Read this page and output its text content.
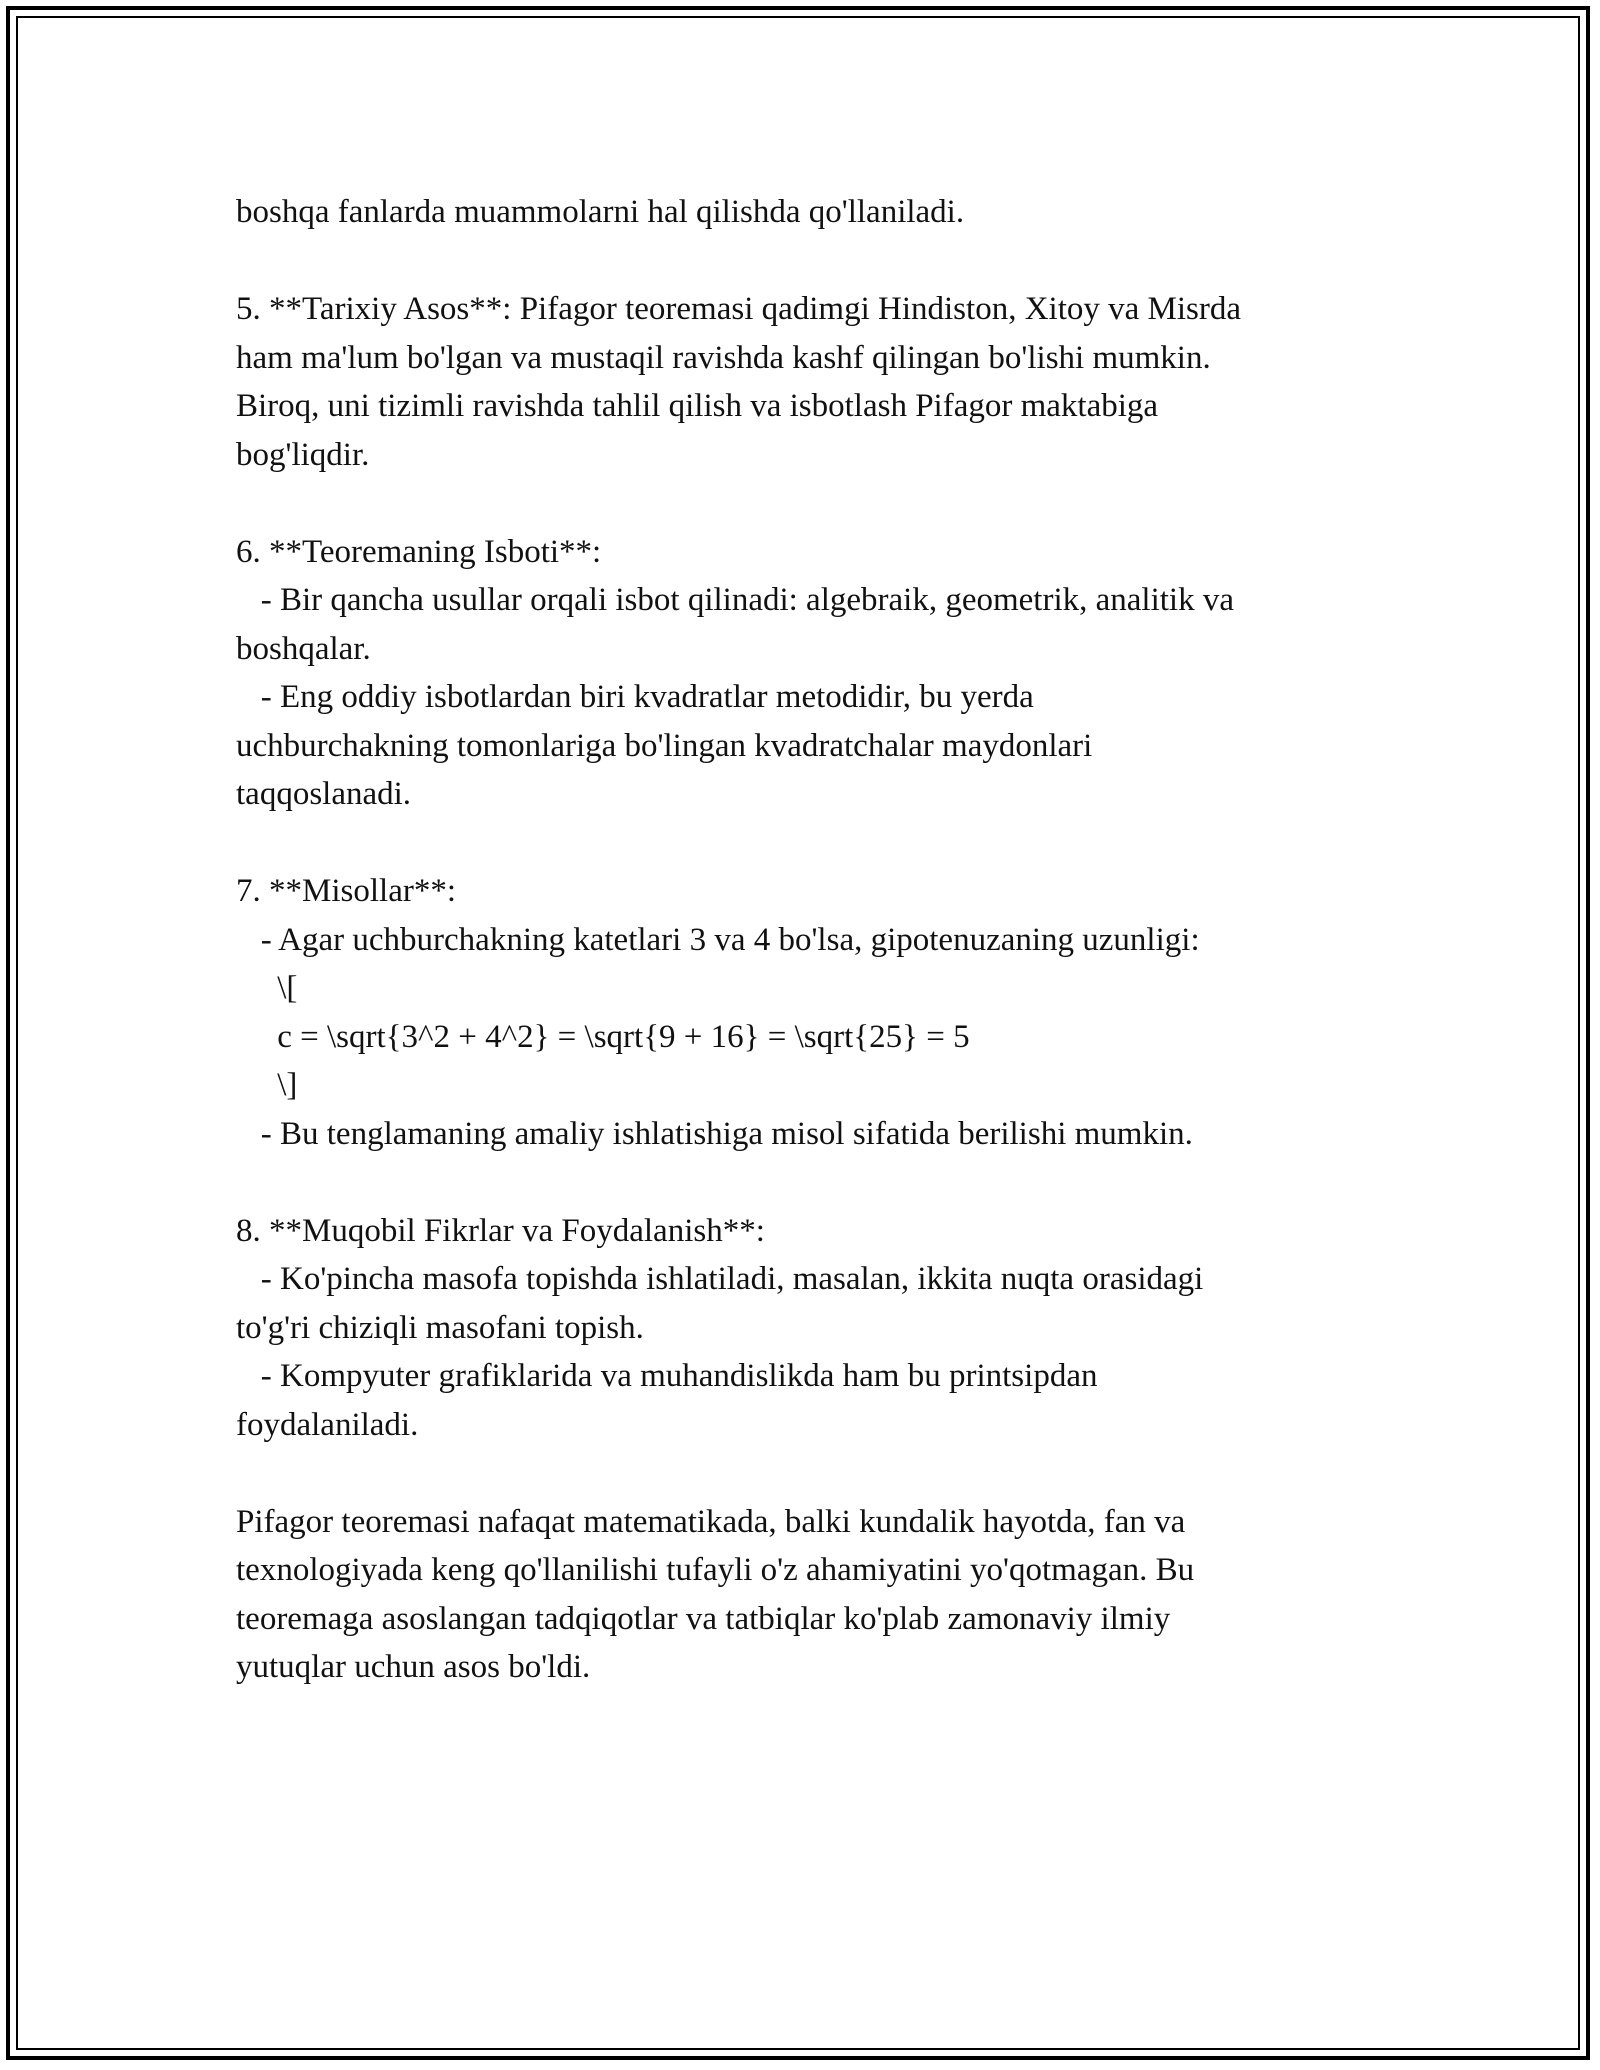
boshqa fanlarda muammolarni hal qilishda qo'llaniladi.
5. **Tarixiy Asos**: Pifagor teoremasi qadimgi Hindiston, Xitoy va Misrda
ham ma'lum bo'lgan va mustaqil ravishda kashf qilingan bo'lishi mumkin.
Biroq, uni tizimli ravishda tahlil qilish va isbotlash Pifagor maktabiga
bog'liqdir.
6. **Teoremaning Isboti**:
- Bir qancha usullar orqali isbot qilinadi: algebraik, geometrik, analitik va
boshqalar.
- Eng oddiy isbotlardan biri kvadratlar metodidir, bu yerda
uchburchakning tomonlariga bo'lingan kvadratchalar maydonlari
taqqoslanadi.
7. **Misollar**:
- Agar uchburchakning katetlari 3 va 4 bo'lsa, gipotenuzaning uzunligi:
\[
c = \sqrt{3^2 + 4^2} = \sqrt{9 + 16} = \sqrt{25} = 5
\]
- Bu tenglamaning amaliy ishlatishiga misol sifatida berilishi mumkin.
8. **Muqobil Fikrlar va Foydalanish**:
- Ko'pincha masofa topishda ishlatiladi, masalan, ikkita nuqta orasidagi
to'g'ri chiziqli masofani topish.
- Kompyuter grafiklarida va muhandislikda ham bu printsipdan
foydalaniladi.
Pifagor teoremasi nafaqat matematikada, balki kundalik hayotda, fan va
texnologiyada keng qo'llanilishi tufayli o'z ahamiyatini yo'qotmagan. Bu
teoremaga asoslangan tadqiqotlar va tatbiqlar ko'plab zamonaviy ilmiy
yutuqlar uchun asos bo'ldi.
